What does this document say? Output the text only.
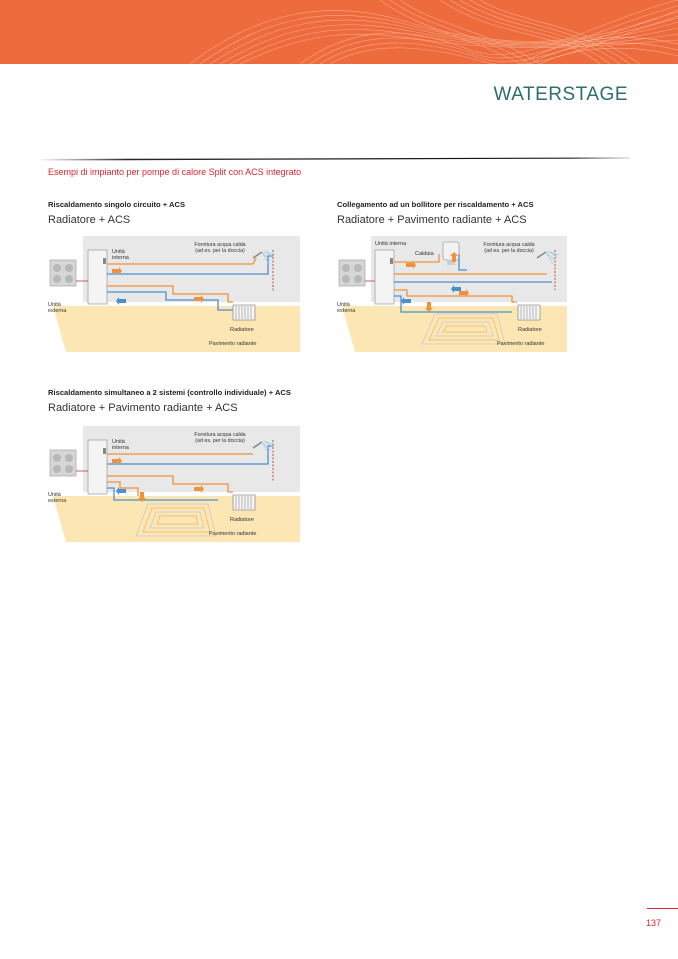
WATERSTAGE
Esempi di impianto per pompe di calore Split con ACS integrato
Riscaldamento singolo circuito + ACS
Radiatore + ACS
Unità interna
Unità esterna
Fornitura acqua calda (ad es. per la doccia)
Radiatore
Pavimento radiante
Collegamento ad un bollitore per riscaldamento + ACS
Radiatore + Pavimento radiante + ACS
Unità interna
Unità esterna
Caldaia
Fornitura acqua calda (ad es. per la doccia)
Radiatore
Pavimento radiante
Riscaldamento simultaneo a 2 sistemi (controllo individuale) + ACS
Radiatore + Pavimento radiante + ACS
Unità interna
Unità esterna
Fornitura acqua calda (ad es. per la doccia)
Radiatore
Pavimento radiante
137
